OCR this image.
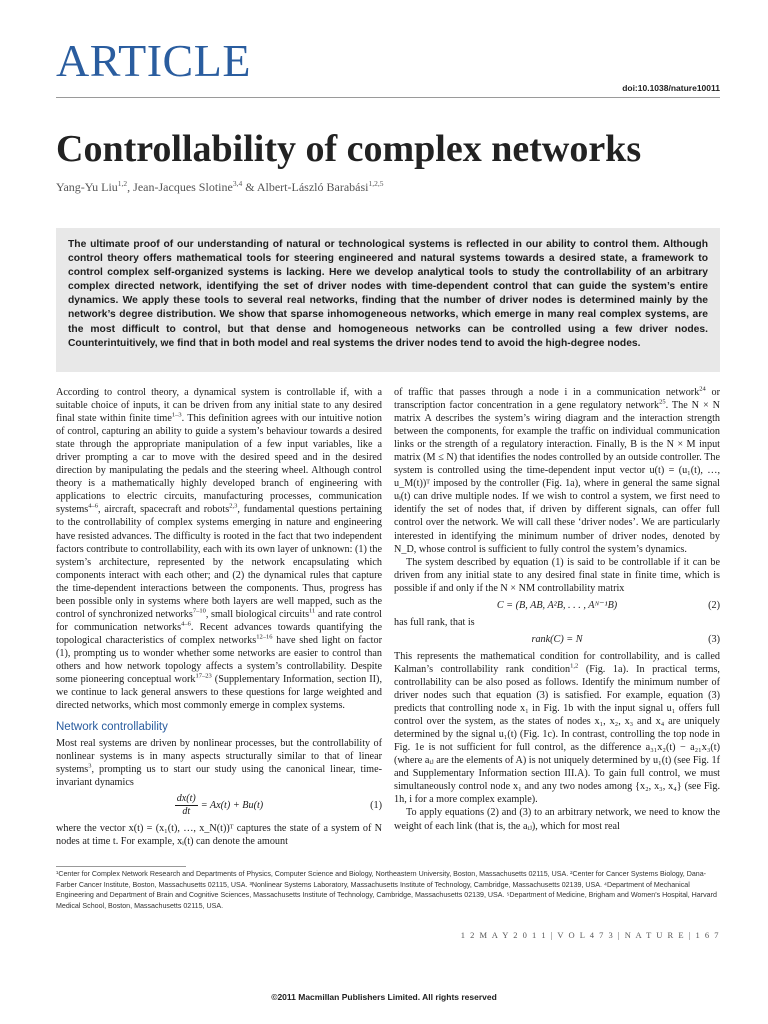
ARTICLE
doi:10.1038/nature10011
Controllability of complex networks
Yang-Yu Liu$^{1,2}$, Jean-Jacques Slotine$^{3,4}$ & Albert-László Barabási$^{1,2,5}$
The ultimate proof of our understanding of natural or technological systems is reflected in our ability to control them. Although control theory offers mathematical tools for steering engineered and natural systems towards a desired state, a framework to control complex self-organized systems is lacking. Here we develop analytical tools to study the controllability of an arbitrary complex directed network, identifying the set of driver nodes with time-dependent control that can guide the system’s entire dynamics. We apply these tools to several real networks, finding that the number of driver nodes is determined mainly by the network’s degree distribution. We show that sparse inhomogeneous networks, which emerge in many real complex systems, are the most difficult to control, but that dense and homogeneous networks can be controlled using a few driver nodes. Counterintuitively, we find that in both model and real systems the driver nodes tend to avoid the high-degree nodes.

According to control theory, a dynamical system is controllable if, with a suitable choice of inputs, it can be driven from any initial state to any desired final state within finite time$^{1-3}$. This definition agrees with our intuitive notion of control, capturing an ability to guide a system’s behaviour towards a desired state through the appropriate manipulation of a few input variables, like a driver prompting a car to move with the desired speed and in the desired direction by manipulating the pedals and the steering wheel. Although control theory is a mathematically highly developed branch of engineering with applications to electric circuits, manufacturing processes, communication systems$^{4-6}$, aircraft, spacecraft and robots$^{2,3}$, fundamental questions pertaining to the controllability of complex systems emerging in nature and engineering have resisted advances. The difficulty is rooted in the fact that two independent factors contribute to controllability, each with its own layer of unknown: (1) the system’s architecture, represented by the network encapsulating which components interact with each other; and (2) the dynamical rules that capture the time-dependent interactions between the components. Thus, progress has been possible only in systems where both layers are well mapped, such as the control of synchronized networks$^{7-10}$, small biological circuits$^{11}$ and rate control for communication networks$^{4-6}$. Recent advances towards quantifying the topological characteristics of complex networks$^{12-16}$ have shed light on factor (1), prompting us to wonder whether some networks are easier to control than others and how network topology affects a system’s controllability. Despite some pioneering conceptual work$^{17-23}$ (Supplementary Information, section II), we continue to lack general answers to these questions for large weighted and directed networks, which most commonly emerge in complex systems.

Network controllability

Most real systems are driven by nonlinear processes, but the controllability of nonlinear systems is in many aspects structurally similar to that of linear systems$^3$, prompting us to start our study using the canonical linear, time-invariant dynamics

$\frac{dx(t)}{dt} = Ax(t) + Bu(t)$	(1)

where the vector x(t) = (x₁(t), …, x_N(t))ᵀ captures the state of a system of N nodes at time t. For example, xᵢ(t) can denote the amount

of traffic that passes through a node i in a communication network$^{24}$ or transcription factor concentration in a gene regulatory network$^{25}$. The N × N matrix A describes the system’s wiring diagram and the interaction strength between the components, for example the traffic on individual communication links or the strength of a regulatory interaction. Finally, B is the N × M input matrix (M ≤ N) that identifies the nodes controlled by an outside controller. The system is controlled using the time-dependent input vector u(t) = (u₁(t), …, u_M(t))ᵀ imposed by the controller (Fig. 1a), where in general the same signal uᵢ(t) can drive multiple nodes. If we wish to control a system, we first need to identify the set of nodes that, if driven by different signals, can offer full control over the network. We will call these ‘driver nodes’. We are particularly interested in identifying the minimum number of driver nodes, denoted by N_D, whose control is sufficient to fully control the system’s dynamics.

The system described by equation (1) is said to be controllable if it can be driven from any initial state to any desired final state in finite time, which is possible if and only if the N × NM controllability matrix

C = (B, AB, A²B, . . . , Aᴺ⁻¹B)	(2)

has full rank, that is

rank(C) = N	(3)

This represents the mathematical condition for controllability, and is called Kalman’s controllability rank condition$^{1,2}$ (Fig. 1a). In practical terms, controllability can be also posed as follows. Identify the minimum number of driver nodes such that equation (3) is satisfied. For example, equation (3) predicts that controlling node x₁ in Fig. 1b with the input signal u₁ offers full control over the system, as the states of nodes x₁, x₂, x₃ and x₄ are uniquely determined by the signal u₁(t) (Fig. 1c). In contrast, controlling the top node in Fig. 1e is not sufficient for full control, as the difference a₃₁x₂(t) − a₂₁x₃(t) (where aᵢⱼ are the elements of A) is not uniquely determined by u₁(t) (see Fig. 1f and Supplementary Information section III.A). To gain full control, we must simultaneously control node x₁ and any two nodes among {x₂, x₃, x₄} (see Fig. 1h, i for a more complex example).

To apply equations (2) and (3) to an arbitrary network, we need to know the weight of each link (that is, the aᵢⱼ), which for most real

¹Center for Complex Network Research and Departments of Physics, Computer Science and Biology, Northeastern University, Boston, Massachusetts 02115, USA. ²Center for Cancer Systems Biology, Dana-Farber Cancer Institute, Boston, Massachusetts 02115, USA. ³Nonlinear Systems Laboratory, Massachusetts Institute of Technology, Cambridge, Massachusetts 02139, USA. ⁴Department of Mechanical Engineering and Department of Brain and Cognitive Sciences, Massachusetts Institute of Technology, Cambridge, Massachusetts 02139, USA. ⁵Department of Medicine, Brigham and Women’s Hospital, Harvard Medical School, Boston, Massachusetts 02115, USA.
1 2 M A Y 2 0 1 1 | V O L 4 7 3 | N A T U R E | 1 6 7
©2011 Macmillan Publishers Limited. All rights reserved
